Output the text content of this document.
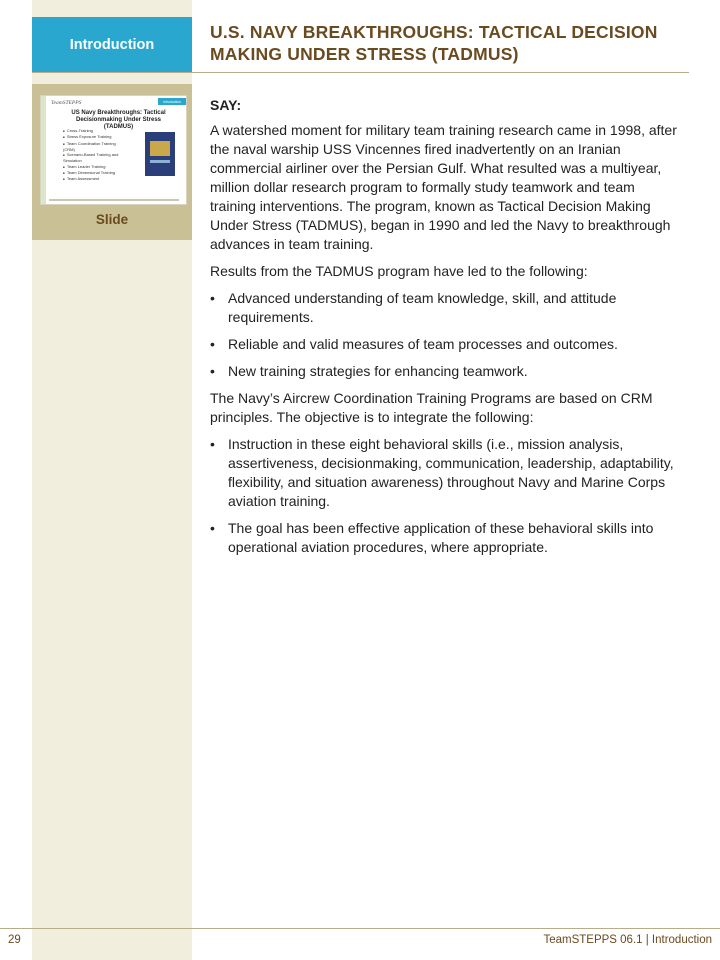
Introduction
U.S. NAVY BREAKTHROUGHS: TACTICAL DECISION MAKING UNDER STRESS (TADMUS)
TeamSTEPPS	Introduction
US Navy Breakthroughs: Tactical Decisionmaking Under Stress (TADMUS)
■ Cross-Training
■ Stress Exposure Training
■ Team Coordination Training (CRM)
■ Scenario-Based Training and Simulation
■ Team Leader Training
■ Team Dimensional Training
■ Team Assessment
Slide

SAY:

A watershed moment for military team training research came in 1998, after the naval warship USS Vincennes fired inadvertently on an Iranian commercial airliner over the Persian Gulf. What resulted was a multiyear, million dollar research program to formally study teamwork and team training interventions. The program, known as Tactical Decision Making Under Stress (TADMUS), began in 1990 and led the Navy to breakthrough advances in team training.

Results from the TADMUS program have led to the following:

• Advanced understanding of team knowledge, skill, and attitude requirements.
• Reliable and valid measures of team processes and outcomes.
• New training strategies for enhancing teamwork.

The Navy’s Aircrew Coordination Training Programs are based on CRM principles. The objective is to integrate the following:

• Instruction in these eight behavioral skills (i.e., mission analysis, assertiveness, decisionmaking, communication, leadership, adaptability, flexibility, and situation awareness) throughout Navy and Marine Corps aviation training.
• The goal has been effective application of these behavioral skills into operational aviation procedures, where appropriate.
29	TeamSTEPPS 06.1 | Introduction
